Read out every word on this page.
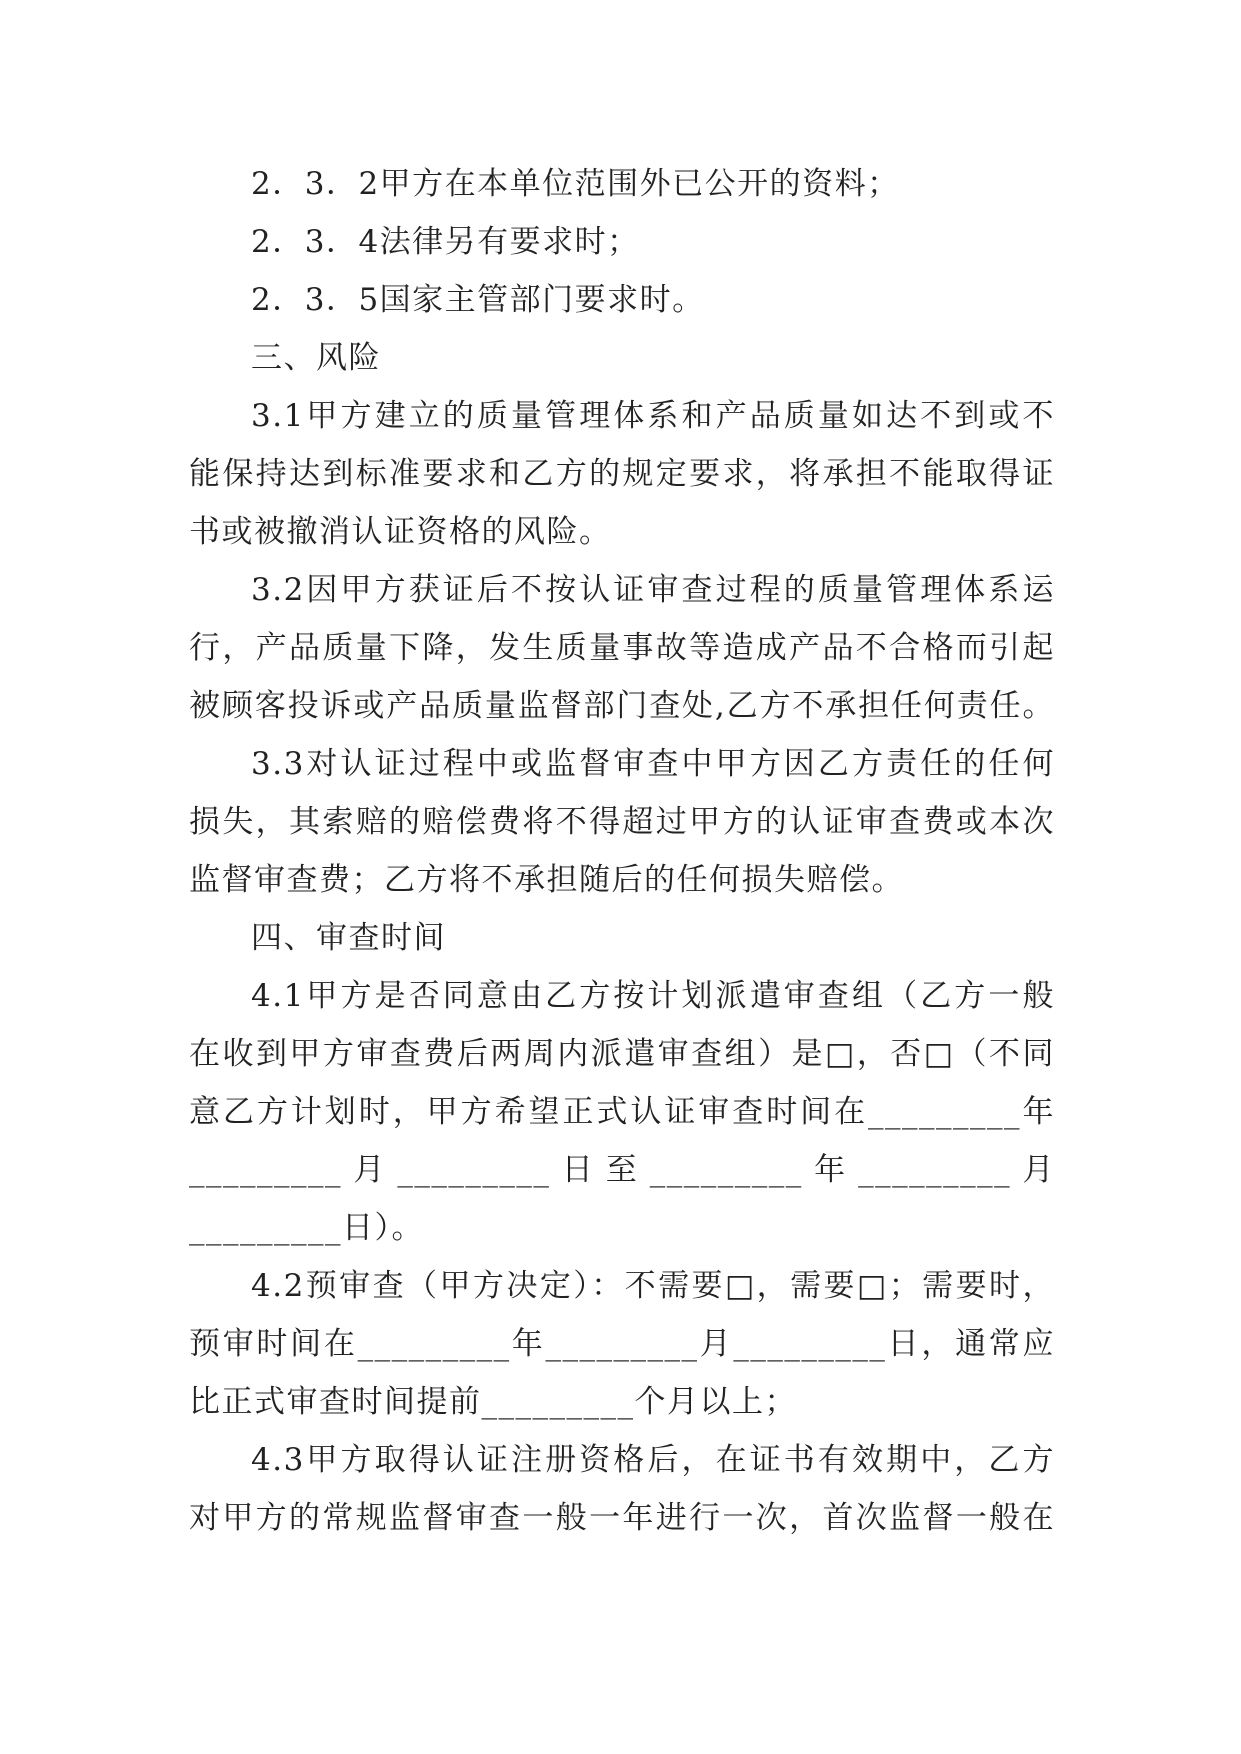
2．3．2甲方在本单位范围外已公开的资料；
2．3．4法律另有要求时；
2．3．5国家主管部门要求时。
三、风险
3.1甲方建立的质量管理体系和产品质量如达不到或不
能保持达到标准要求和乙方的规定要求，将承担不能取得证
书或被撤消认证资格的风险。
3.2因甲方获证后不按认证审查过程的质量管理体系运
行，产品质量下降，发生质量事故等造成产品不合格而引起
被顾客投诉或产品质量监督部门查处,乙方不承担任何责任。
3.3对认证过程中或监督审查中甲方因乙方责任的任何
损失，其索赔的赔偿费将不得超过甲方的认证审查费或本次
监督审查费；乙方将不承担随后的任何损失赔偿。
四、审查时间
4.1甲方是否同意由乙方按计划派遣审查组（乙方一般
在收到甲方审查费后两周内派遣审查组）是□，否□（不同
意乙方计划时，甲方希望正式认证审查时间在_________年
_________ 月 _________ 日 至 _________ 年 _________ 月
_________日）。
4.2预审查（甲方决定）：不需要□，需要□；需要时，
预审时间在_________年_________月_________日，通常应
比正式审查时间提前_________个月以上；
4.3甲方取得认证注册资格后，在证书有效期中，乙方
对甲方的常规监督审查一般一年进行一次，首次监督一般在
